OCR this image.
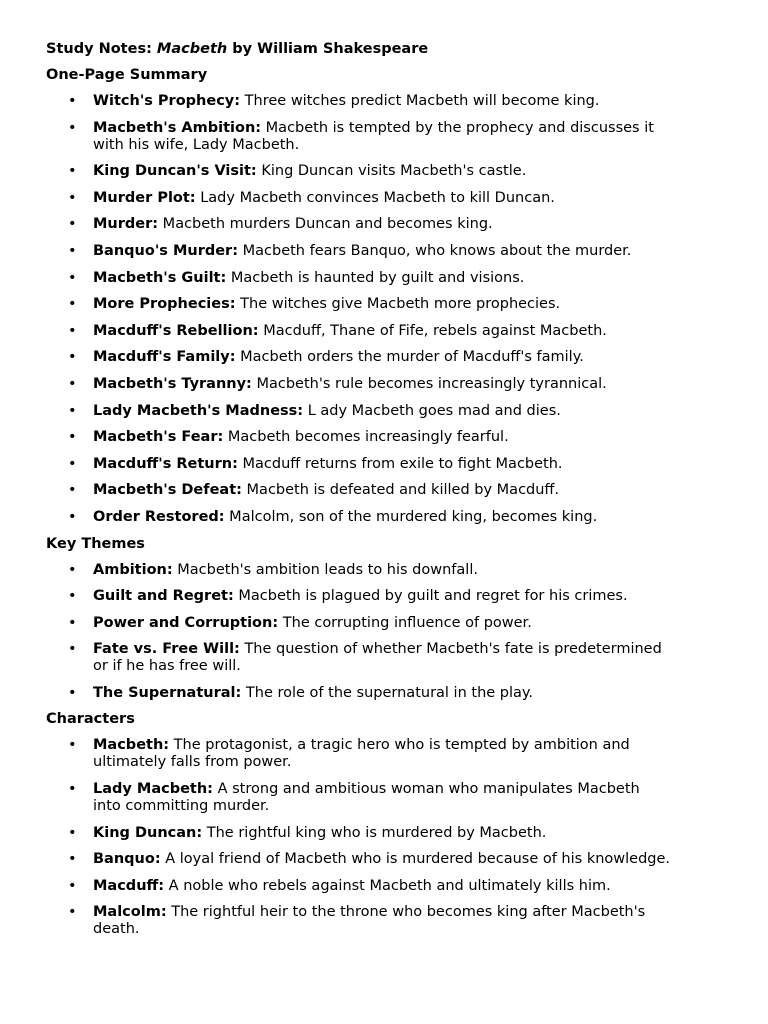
Study Notes: Macbeth by William Shakespeare
One-Page Summary
• Witch's Prophecy: Three witches predict Macbeth will become king.
• Macbeth's Ambition: Macbeth is tempted by the prophecy and discusses it with his wife, Lady Macbeth.
• King Duncan's Visit: King Duncan visits Macbeth's castle.
• Murder Plot: Lady Macbeth convinces Macbeth to kill Duncan.
• Murder: Macbeth murders Duncan and becomes king.
• Banquo's Murder: Macbeth fears Banquo, who knows about the murder.
• Macbeth's Guilt: Macbeth is haunted by guilt and visions.
• More Prophecies: The witches give Macbeth more prophecies.
• Macduff's Rebellion: Macduff, Thane of Fife, rebels against Macbeth.
• Macduff's Family: Macbeth orders the murder of Macduff's family.
• Macbeth's Tyranny: Macbeth's rule becomes increasingly tyrannical.
• Lady Macbeth's Madness: L ady Macbeth goes mad and dies.
• Macbeth's Fear: Macbeth becomes increasingly fearful.
• Macduff's Return: Macduff returns from exile to fight Macbeth.
• Macbeth's Defeat: Macbeth is defeated and killed by Macduff.
• Order Restored: Malcolm, son of the murdered king, becomes king.
Key Themes
• Ambition: Macbeth's ambition leads to his downfall.
• Guilt and Regret: Macbeth is plagued by guilt and regret for his crimes.
• Power and Corruption: The corrupting influence of power.
• Fate vs. Free Will: The question of whether Macbeth's fate is predetermined or if he has free will.
• The Supernatural: The role of the supernatural in the play.
Characters
• Macbeth: The protagonist, a tragic hero who is tempted by ambition and ultimately falls from power.
• Lady Macbeth: A strong and ambitious woman who manipulates Macbeth into committing murder.
• King Duncan: The rightful king who is murdered by Macbeth.
• Banquo: A loyal friend of Macbeth who is murdered because of his knowledge.
• Macduff: A noble who rebels against Macbeth and ultimately kills him.
• Malcolm: The rightful heir to the throne who becomes king after Macbeth's death.
